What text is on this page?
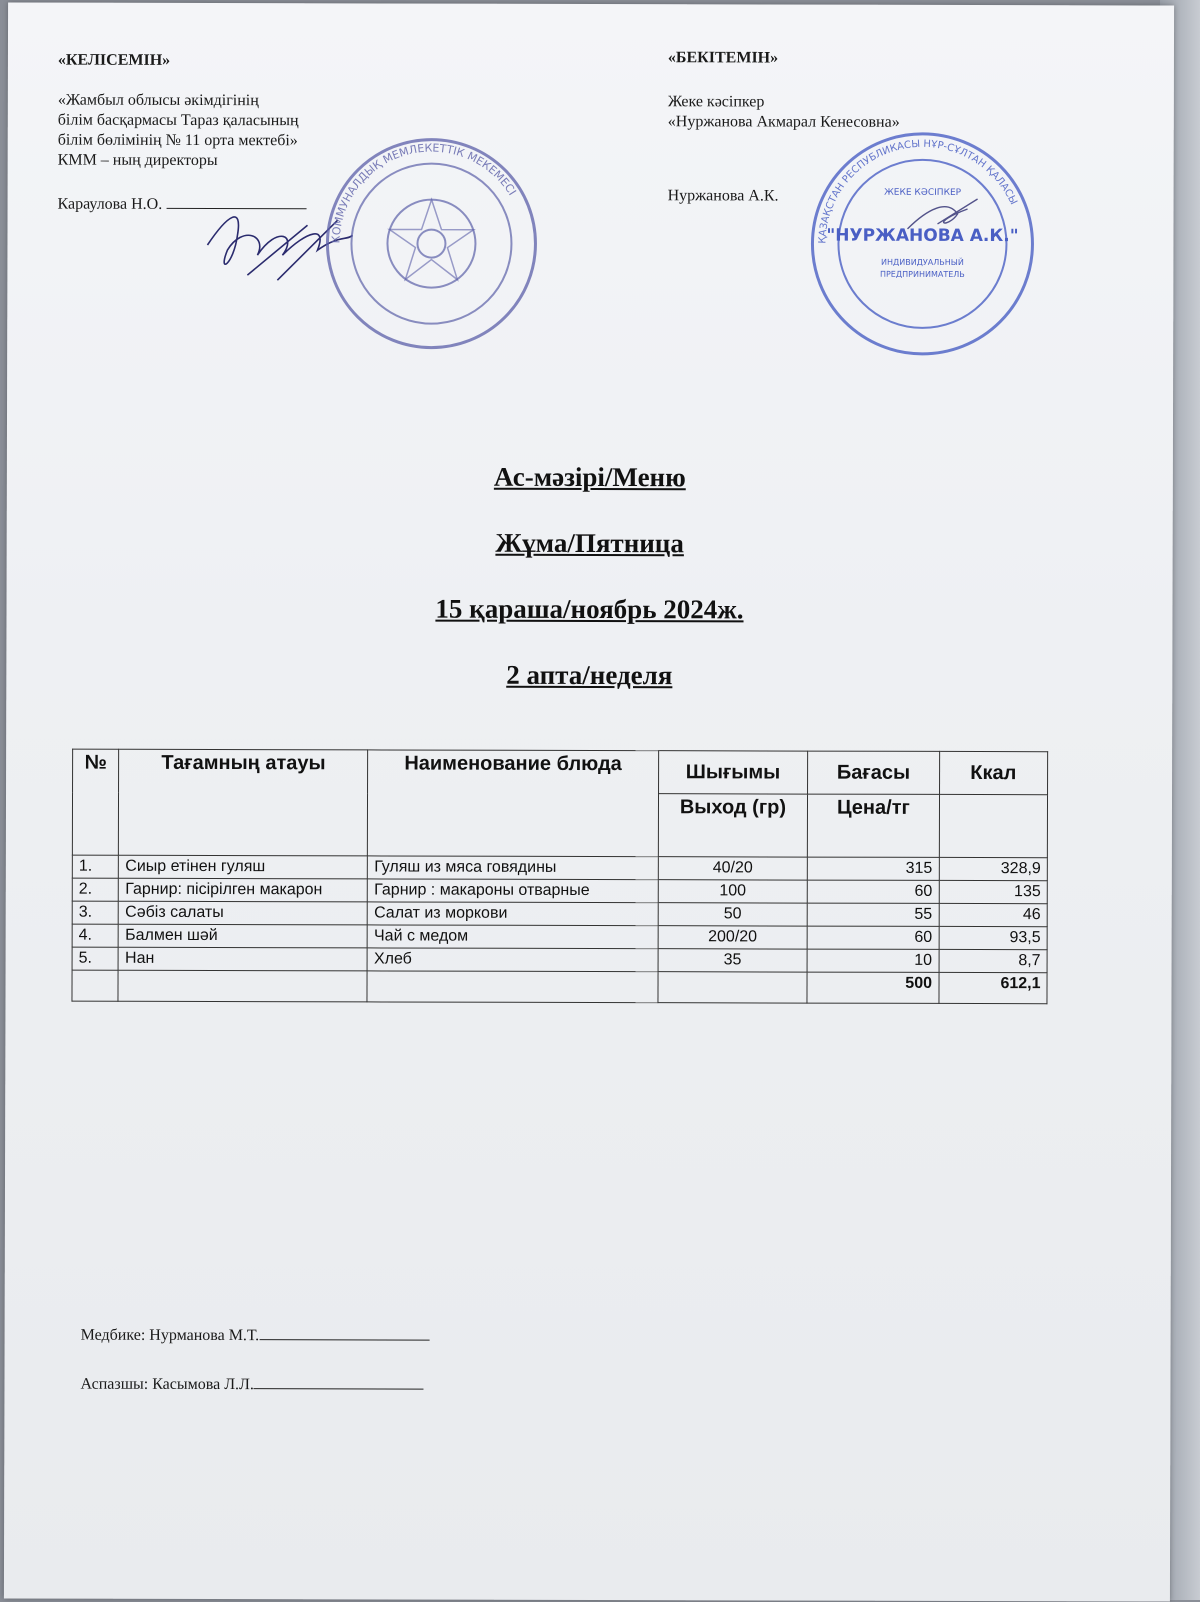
«КЕЛІСЕМІН»
«Жамбыл облысы әкімдігінің
білім басқармасы Тараз қаласының
білім бөлімінің № 11 орта мектебі»
КММ – ның директоры
Караулова Н.О.
КОММУНАЛДЫҚ МЕМЛЕКЕТТІК МЕКЕМЕСІ
«БЕКІТЕМІН»
Жеке кәсіпкер
«Нуржанова Акмарал Кенесовна»
Нуржанова А.К.
ҚАЗАҚСТАН РЕСПУБЛИКАСЫ НҰР-СҰЛТАН ҚАЛАСЫ
ЖЕКЕ КӘСІПКЕР
"НУРЖАНОВА А.К."
ИНДИВИДУАЛЬНЫЙ
ПРЕДПРИНИМАТЕЛЬ
Ас-мәзірі/Меню
Жұма/Пятница
15 қараша/ноябрь 2024ж.
2 апта/неделя
№	Тағамның атауы	Наименование блюда	Шығымы	Бағасы	Ккал
			Выход (гр)	Цена/тг	
1.	Сиыр етінен гуляш	Гуляш из мяса говядины	40/20	315	328,9
2.	Гарнир: пісірілген макарон	Гарнир : макароны отварные	100	60	135
3.	Сәбіз салаты	Салат из моркови	50	55	46
4.	Балмен шәй	Чай с медом	200/20	60	93,5
5.	Нан	Хлеб	35	10	8,7
				500	612,1
Медбике: Нурманова М.Т.
Аспазшы: Касымова Л.Л.
